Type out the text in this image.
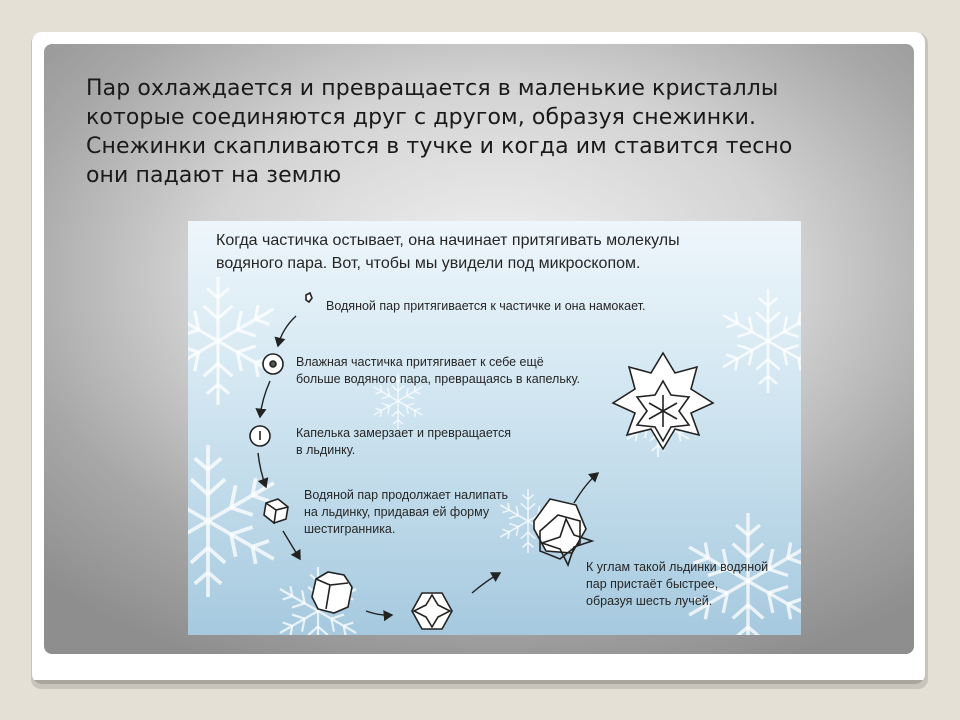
Пар охлаждается и превращается в маленькие кристаллы
которые соединяются друг с другом, образуя снежинки.
Снежинки скапливаются в тучке и когда им ставится тесно
они падают на землю

Когда частичка остывает, она начинает притягивать молекулы
водяного пара. Вот, чтобы мы увидели под микроскопом.

Водяной пар притягивается к частичке и она намокает.

Влажная частичка притягивает к себе ещё
больше водяного пара, превращаясь в капельку.

Капелька замерзает и превращается
в льдинку.

Водяной пар продолжает налипать
на льдинку, придавая ей форму
шестигранника.

К углам такой льдинки водяной
пар пристаёт быстрее,
образуя шесть лучей.
